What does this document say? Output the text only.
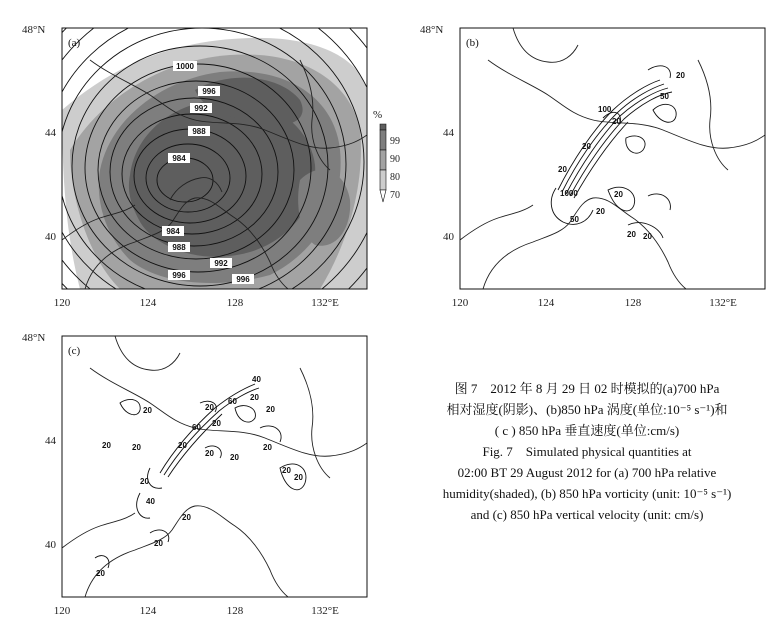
1000
996
992
988
984
984
988
992
996	996
(a)
48°N
44
40
120	124	128	132°E
%
99
90
80
70
50
20
100
20
20
20
1000	20
50
20
20 20
(b)
48°N
44
40
120	124	128	132°E
40
20
60 20
20
20
60 20
20
20 20
20
20	20
40
20
20
20
20
20
20
(c)
48°N
44
40
120	124	128	132°E
图 7　2012 年 8 月 29 日 02 时模拟的(a)700 hPa
相对湿度(阴影)、(b)850 hPa 涡度(单位:10⁻⁵ s⁻¹)和
( c ) 850 hPa 垂直速度(单位:cm/s)
Fig. 7　Simulated physical quantities at
02:00 BT 29 August 2012 for (a) 700 hPa relative
humidity(shaded), (b) 850 hPa vorticity (unit: 10⁻⁵ s⁻¹)
and (c) 850 hPa vertical velocity (unit: cm/s)
